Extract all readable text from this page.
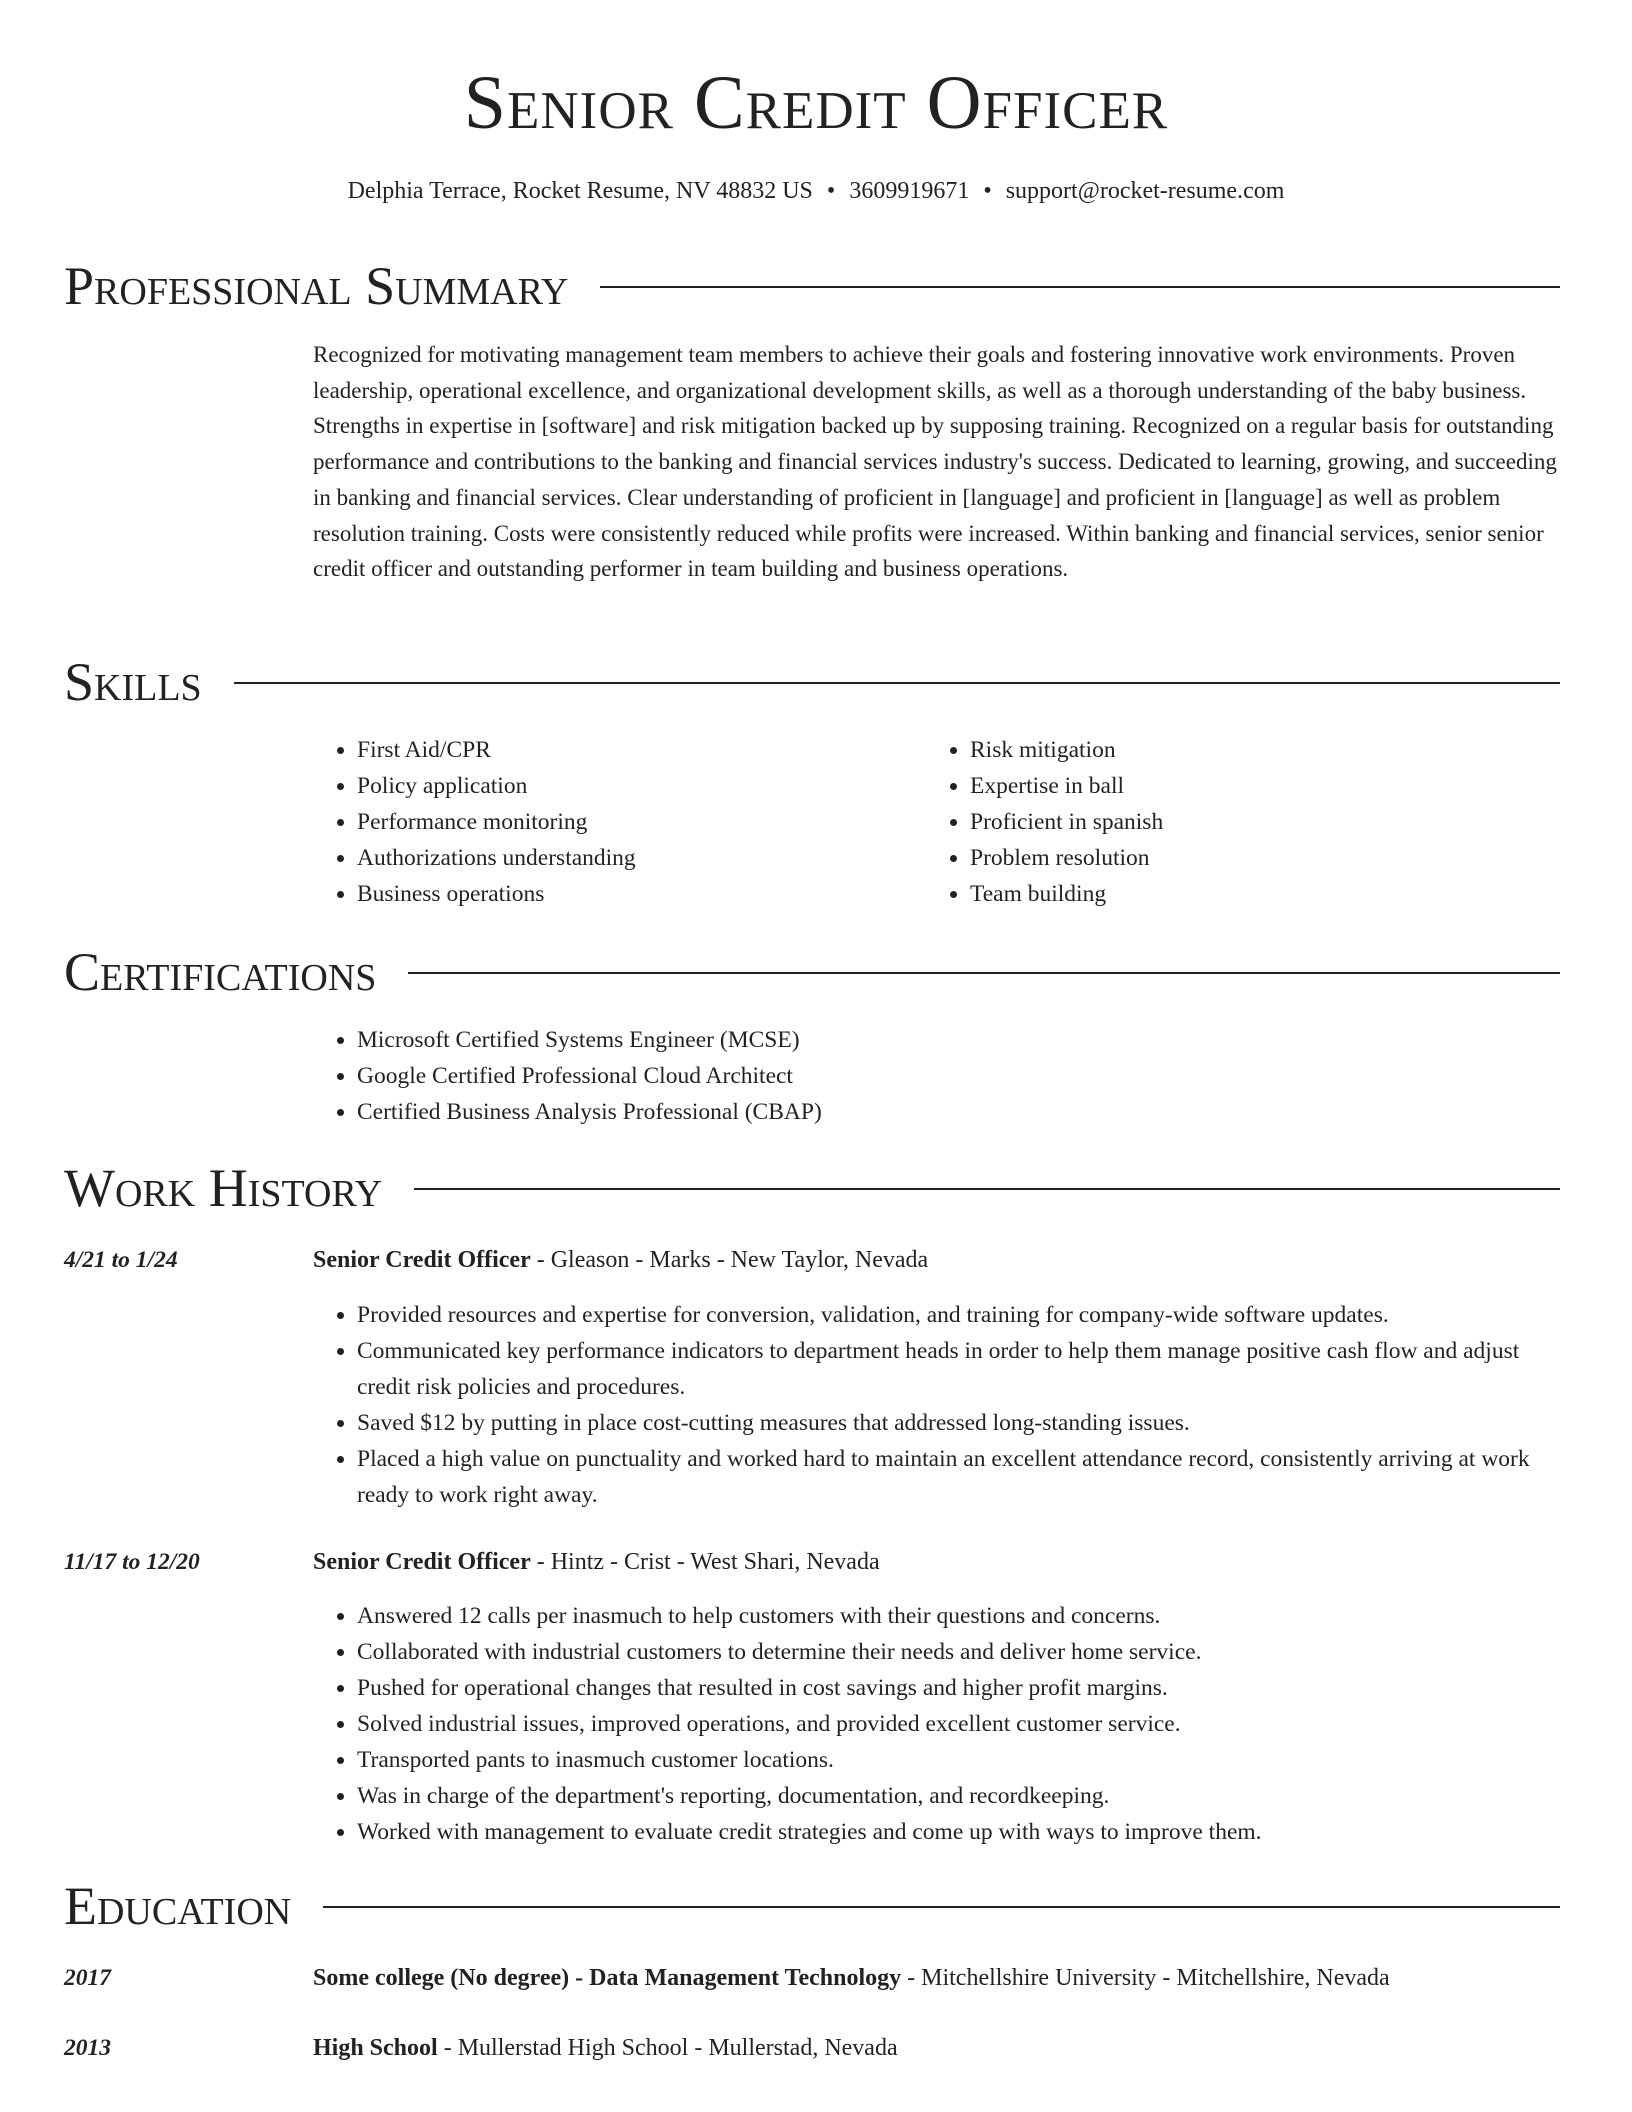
Senior Credit Officer
Delphia Terrace, Rocket Resume, NV 48832 US • 3609919671 • support@rocket-resume.com
Professional Summary

Recognized for motivating management team members to achieve their goals and fostering innovative work environments. Proven leadership, operational excellence, and organizational development skills, as well as a thorough understanding of the baby business. Strengths in expertise in [software] and risk mitigation backed up by supposing training. Recognized on a regular basis for outstanding performance and contributions to the banking and financial services industry's success. Dedicated to learning, growing, and succeeding in banking and financial services. Clear understanding of proficient in [language] and proficient in [language] as well as problem resolution training. Costs were consistently reduced while profits were increased. Within banking and financial services, senior senior credit officer and outstanding performer in team building and business operations.

Skills
• First Aid/CPR
• Policy application
• Performance monitoring
• Authorizations understanding
• Business operations
• Risk mitigation
• Expertise in ball
• Proficient in spanish
• Problem resolution
• Team building
Certifications
• Microsoft Certified Systems Engineer (MCSE)
• Google Certified Professional Cloud Architect
• Certified Business Analysis Professional (CBAP)
Work History
4/21 to 1/24	Senior Credit Officer - Gleason - Marks - New Taylor, Nevada
• Provided resources and expertise for conversion, validation, and training for company-wide software updates.
• Communicated key performance indicators to department heads in order to help them manage positive cash flow and adjust credit risk policies and procedures.
• Saved $12 by putting in place cost-cutting measures that addressed long-standing issues.
• Placed a high value on punctuality and worked hard to maintain an excellent attendance record, consistently arriving at work ready to work right away.
11/17 to 12/20	Senior Credit Officer - Hintz - Crist - West Shari, Nevada
• Answered 12 calls per inasmuch to help customers with their questions and concerns.
• Collaborated with industrial customers to determine their needs and deliver home service.
• Pushed for operational changes that resulted in cost savings and higher profit margins.
• Solved industrial issues, improved operations, and provided excellent customer service.
• Transported pants to inasmuch customer locations.
• Was in charge of the department's reporting, documentation, and recordkeeping.
• Worked with management to evaluate credit strategies and come up with ways to improve them.
Education
2017	Some college (No degree) - Data Management Technology - Mitchellshire University - Mitchellshire, Nevada
2013	High School - Mullerstad High School - Mullerstad, Nevada
